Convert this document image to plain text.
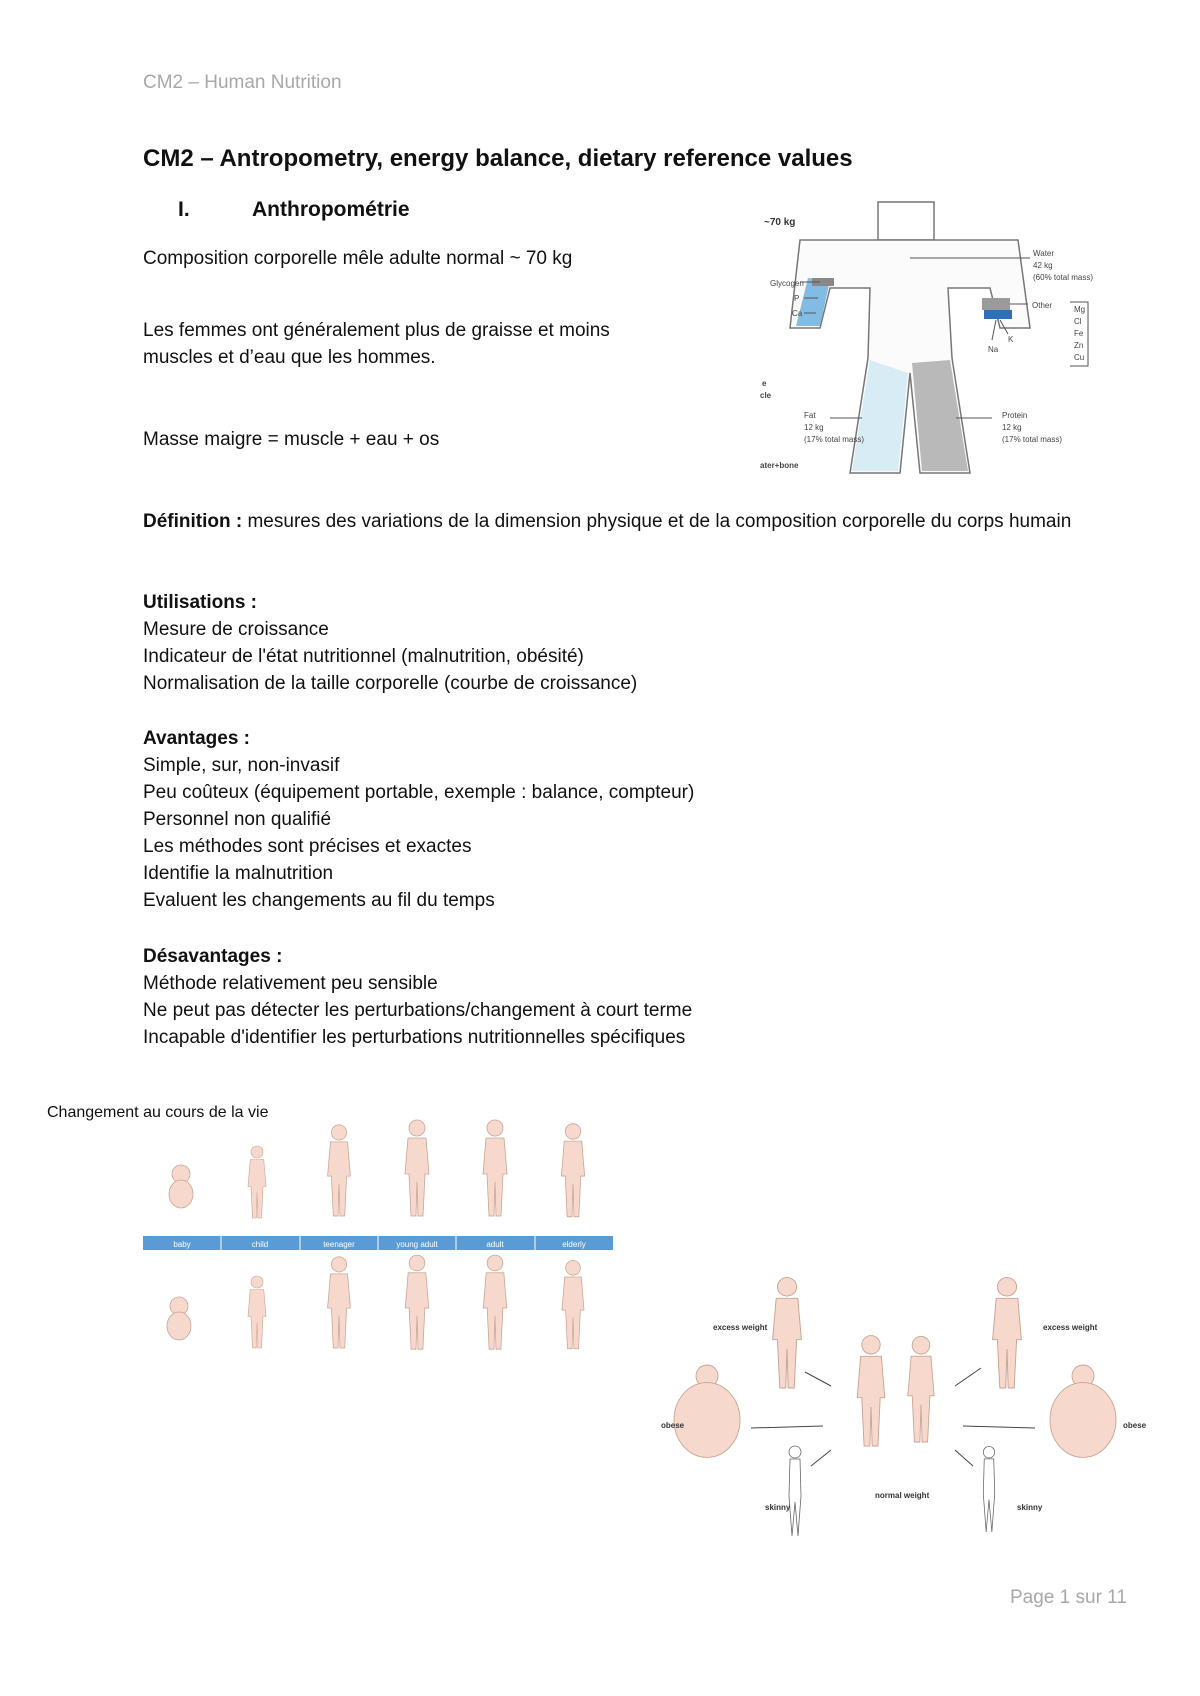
CM2 – Human Nutrition
CM2 – Antropometry, energy balance, dietary reference values
I.	Anthropométrie
Composition corporelle mêle adulte normal ~ 70 kg
Les femmes ont généralement plus de graisse et moins muscles et d’eau que les hommes.
Masse maigre = muscle + eau + os
~70 kg
Glycogen
P
Ca
Water
42 kg
(60% total mass)
Other
K
Na
Mg
Cl
Fe
Zn
Cu
Fat
12 kg
(17% total mass)
Protein
12 kg
(17% total mass)
e
cle
ater+bone
Définition : mesures des variations de la dimension physique et de la composition corporelle du corps humain
Utilisations :
Mesure de croissance
Indicateur de l'état nutritionnel (malnutrition, obésité)
Normalisation de la taille corporelle (courbe de croissance)
Avantages :
Simple, sur, non-invasif
Peu coûteux (équipement portable, exemple : balance, compteur)
Personnel non qualifié
Les méthodes sont précises et exactes
Identifie la malnutrition
Evaluent les changements au fil du temps
Désavantages :
Méthode relativement peu sensible
Ne peut pas détecter les perturbations/changement à court terme
Incapable d'identifier les perturbations nutritionnelles spécifiques
Changement au cours de la vie
baby	child	teenager	young adult	adult	elderly
excess weight	excess weight
obese	obese
skinny	skinny
normal weight
Page 1 sur 11
